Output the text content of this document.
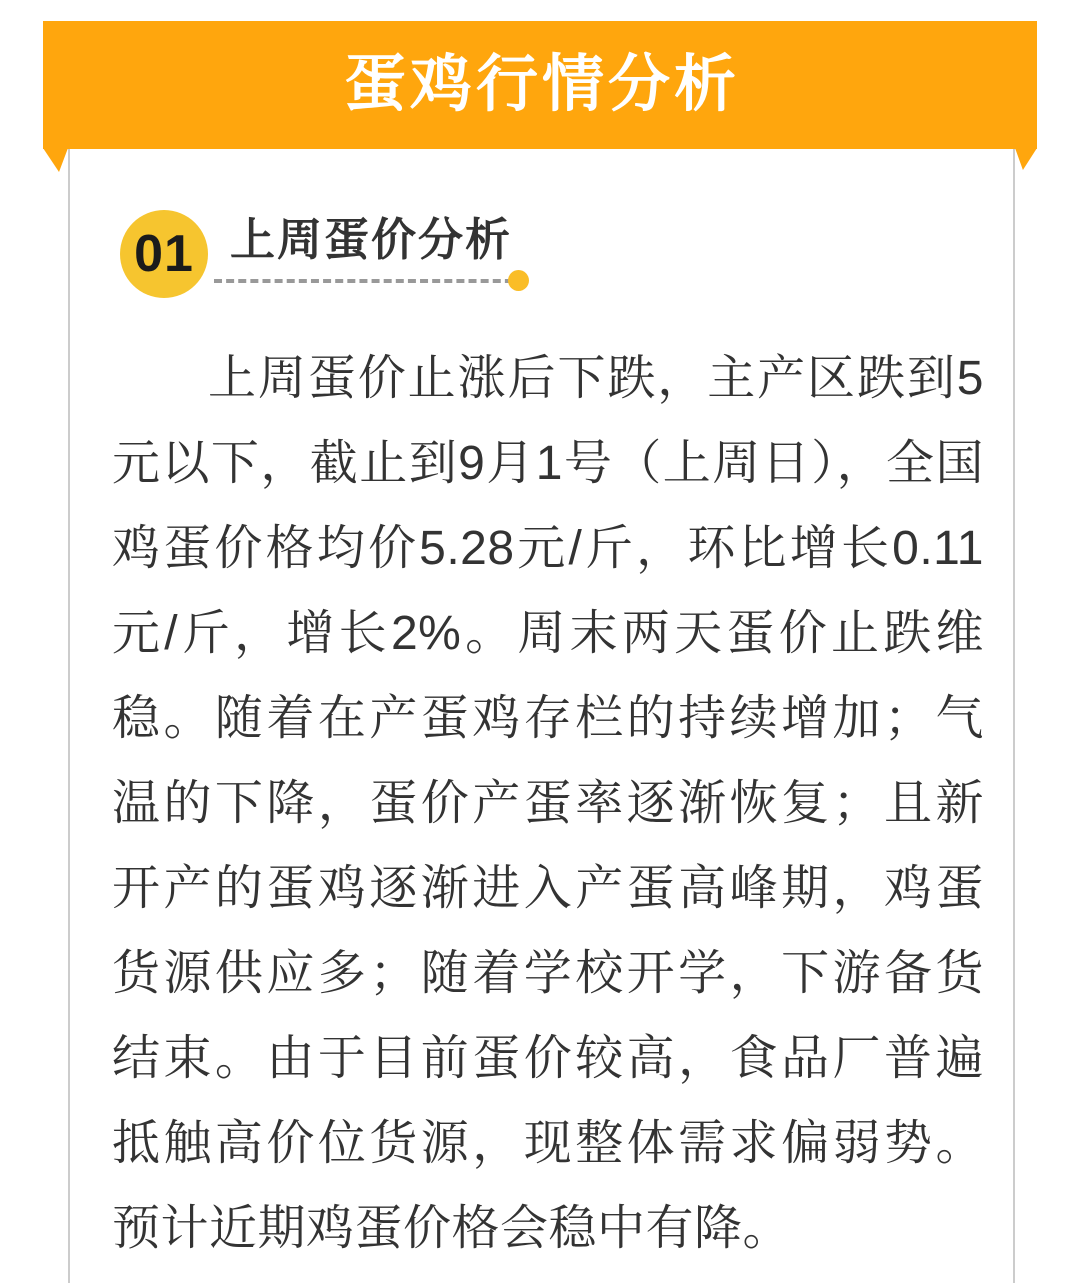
蛋鸡行情分析
01 上周蛋价分析
上周蛋价止涨后下跌，主产区跌到5元以下，截止到9月1号（上周日），全国鸡蛋价格均价5.28元/斤，环比增长0.11元/斤，增长2%。周末两天蛋价止跌维稳。随着在产蛋鸡存栏的持续增加；气温的下降，蛋价产蛋率逐渐恢复；且新开产的蛋鸡逐渐进入产蛋高峰期，鸡蛋货源供应多；随着学校开学，下游备货结束。由于目前蛋价较高，食品厂普遍抵触高价位货源，现整体需求偏弱势。预计近期鸡蛋价格会稳中有降。
